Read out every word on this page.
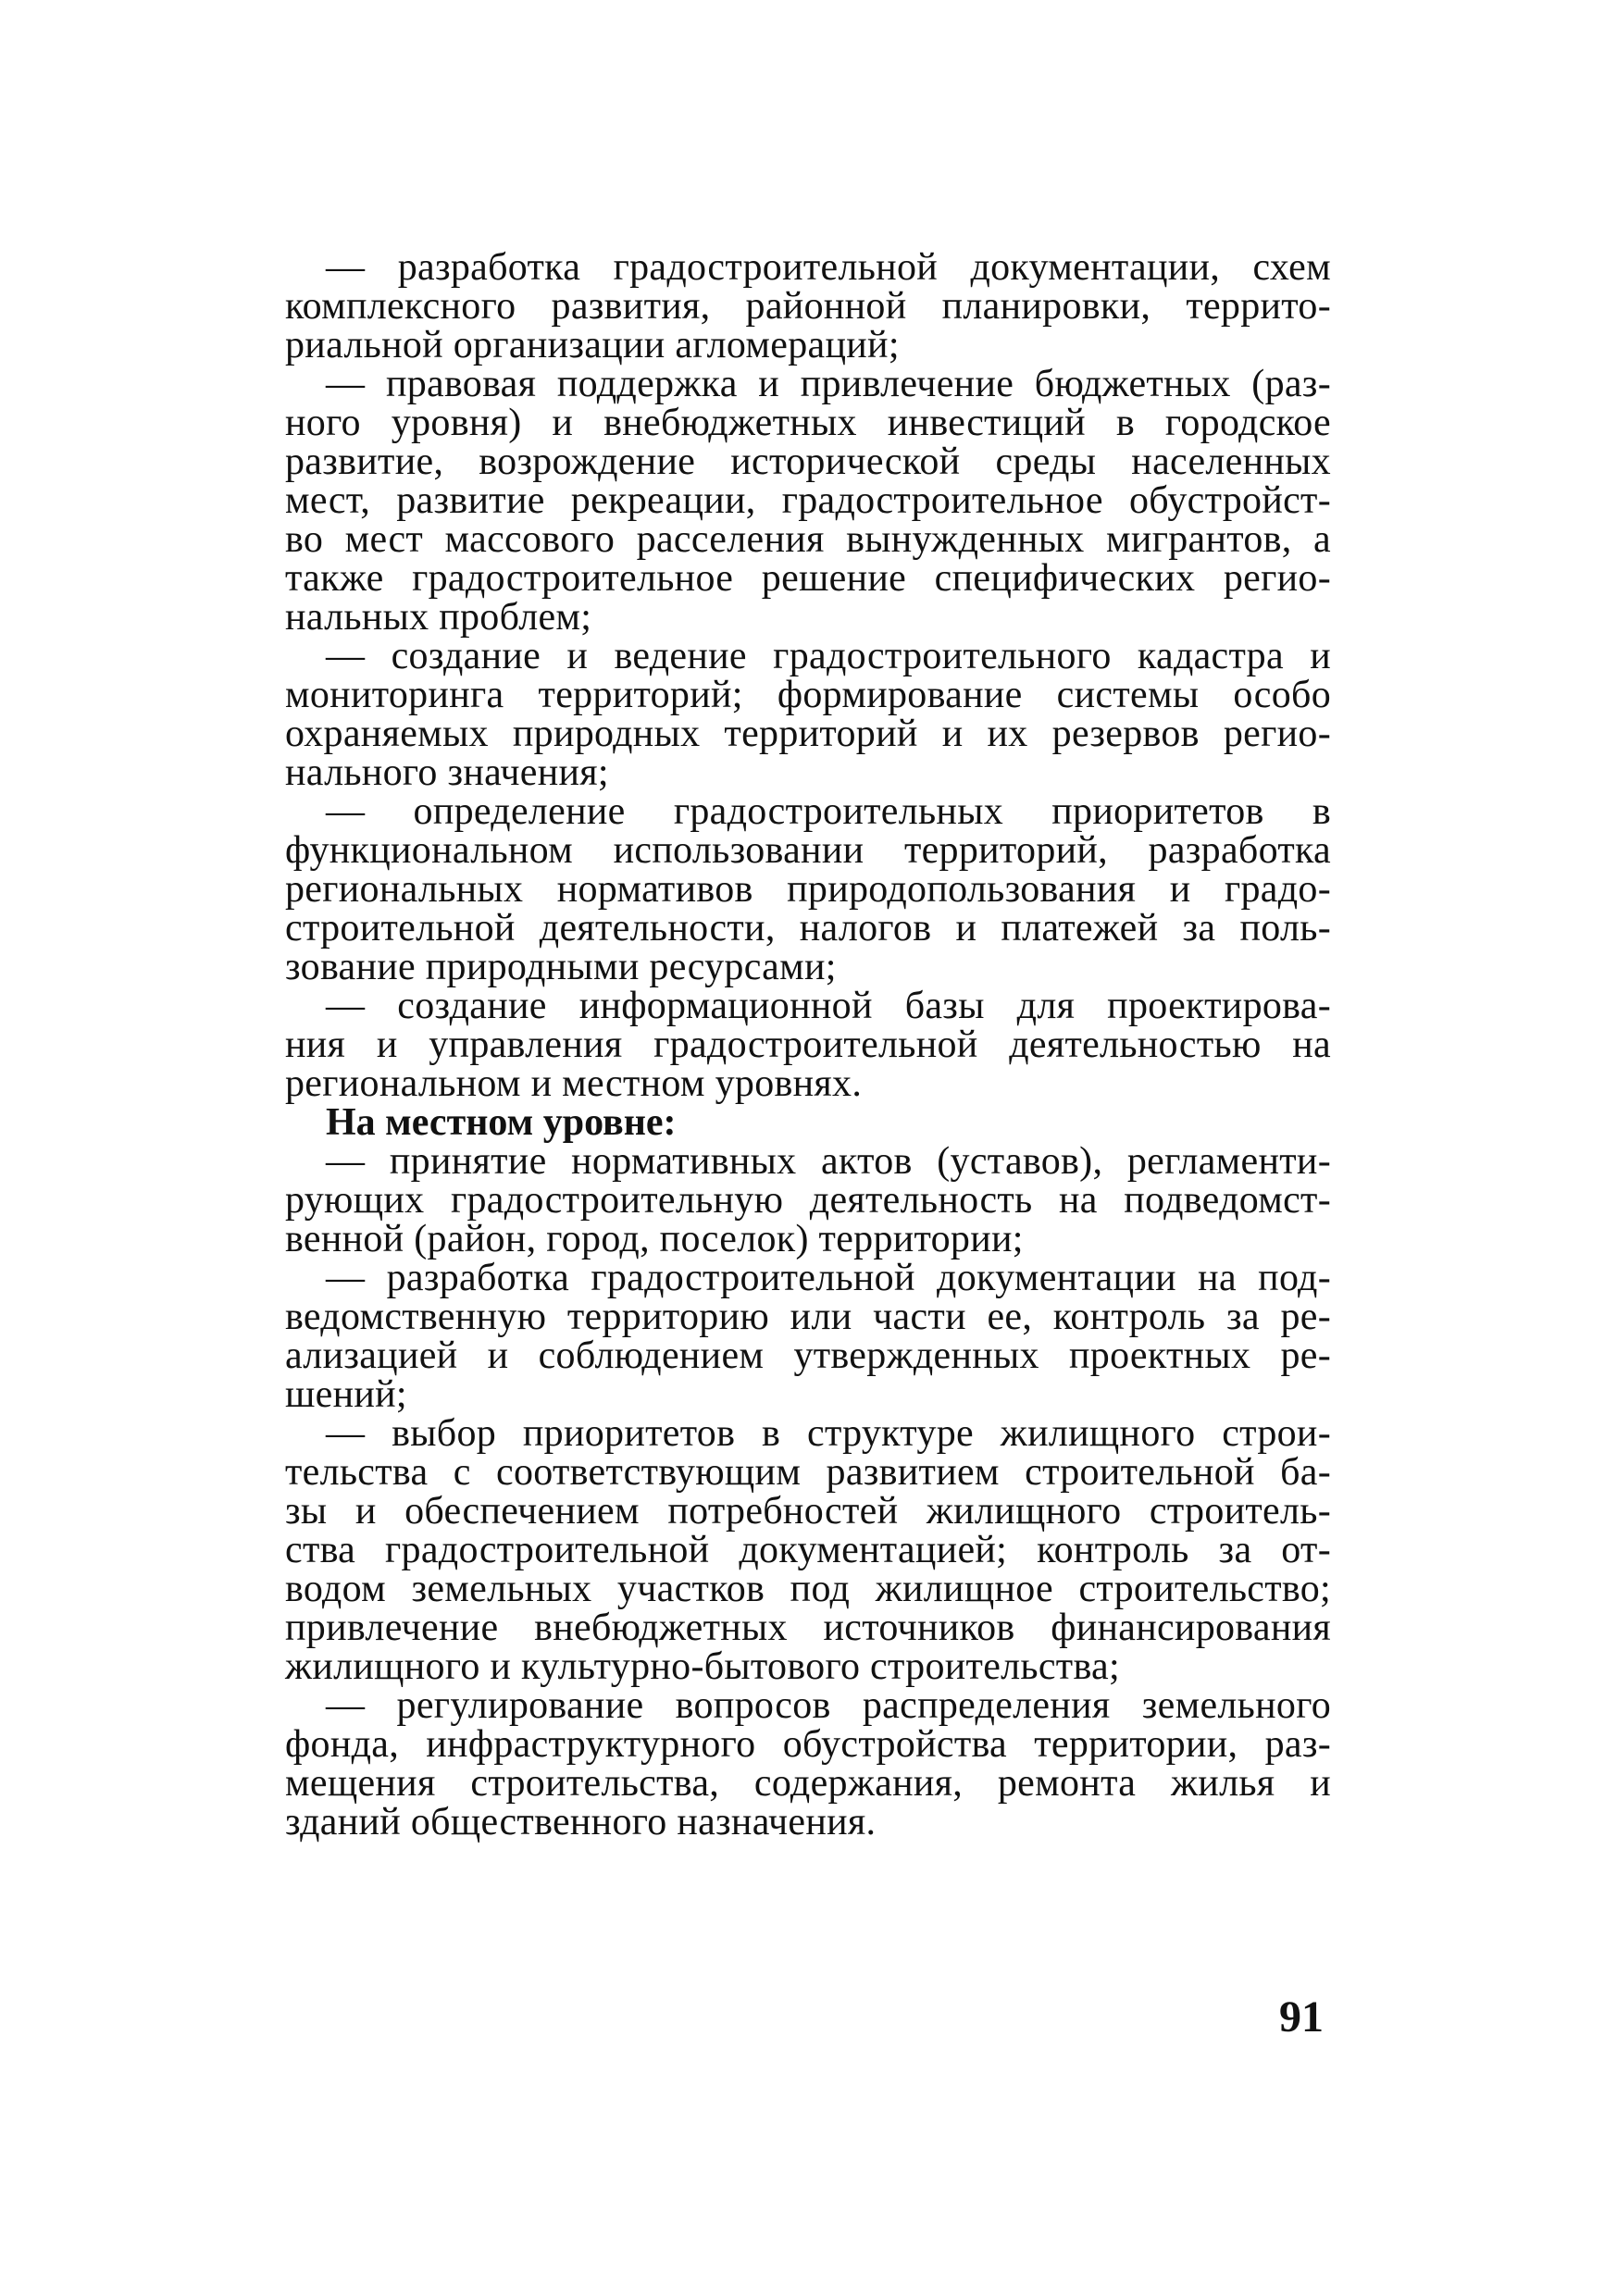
— разработка градостроительной документации, схем
комплексного развития, районной планировки, террито-
риальной организации агломераций;
— правовая поддержка и привлечение бюджетных (раз-
ного уровня) и внебюджетных инвестиций в городское
развитие, возрождение исторической среды населенных
мест, развитие рекреации, градостроительное обустройст-
во мест массового расселения вынужденных мигрантов, а
также градостроительное решение специфических регио-
нальных проблем;
— создание и ведение градостроительного кадастра и
мониторинга территорий; формирование системы особо
охраняемых природных территорий и их резервов регио-
нального значения;
— определение градостроительных приоритетов в
функциональном использовании территорий, разработка
региональных нормативов природопользования и градо-
строительной деятельности, налогов и платежей за поль-
зование природными ресурсами;
— создание информационной базы для проектирова-
ния и управления градостроительной деятельностью на
региональном и местном уровнях.
На местном уровне:
— принятие нормативных актов (уставов), регламенти-
рующих градостроительную деятельность на подведомст-
венной (район, город, поселок) территории;
— разработка градостроительной документации на под-
ведомственную территорию или части ее, контроль за ре-
ализацией и соблюдением утвержденных проектных ре-
шений;
— выбор приоритетов в структуре жилищного строи-
тельства с соответствующим развитием строительной ба-
зы и обеспечением потребностей жилищного строитель-
ства градостроительной документацией; контроль за от-
водом земельных участков под жилищное строительство;
привлечение внебюджетных источников финансирования
жилищного и культурно-бытового строительства;
— регулирование вопросов распределения земельного
фонда, инфраструктурного обустройства территории, раз-
мещения строительства, содержания, ремонта жилья и
зданий общественного назначения.
91
